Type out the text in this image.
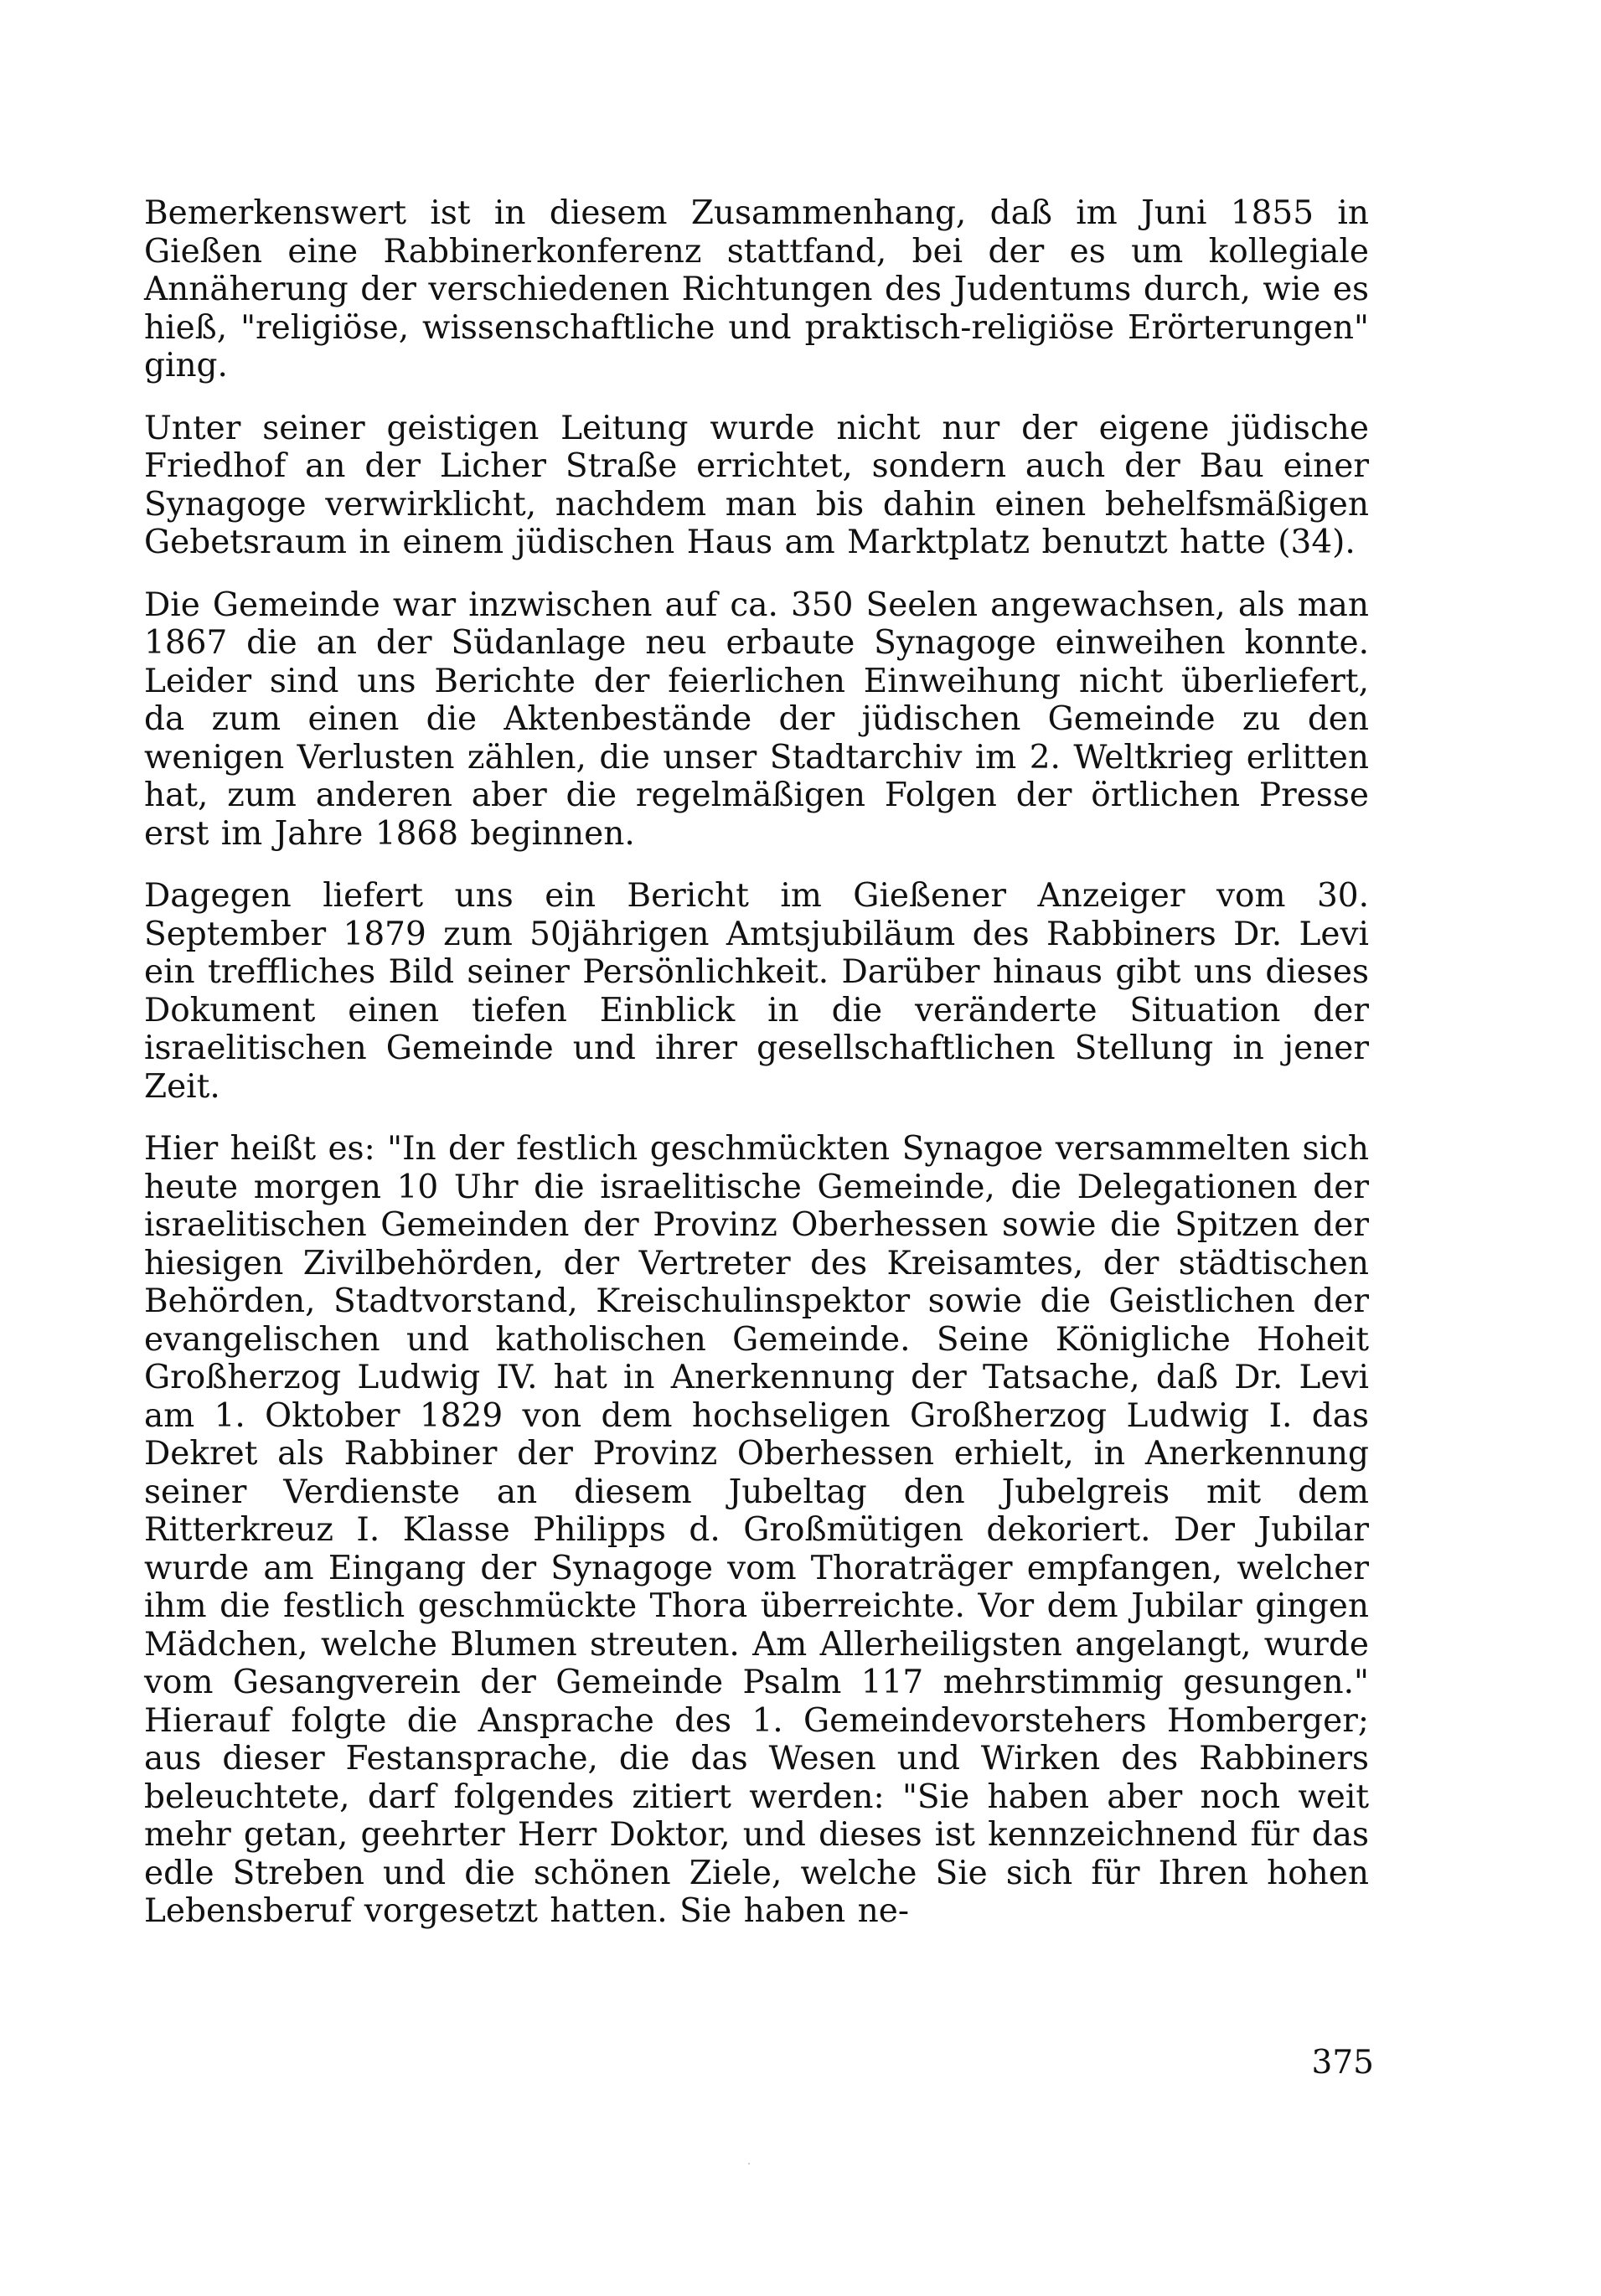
Bemerkenswert ist in diesem Zusammenhang, daß im Juni 1855 in Gießen eine Rabbinerkonferenz stattfand, bei der es um kollegiale Annäherung der verschiedenen Richtungen des Judentums durch, wie es hieß, "religiöse, wissenschaftliche und praktisch-religiöse Erörterungen" ging.

Unter seiner geistigen Leitung wurde nicht nur der eigene jüdische Friedhof an der Licher Straße errichtet, sondern auch der Bau einer Synagoge verwirklicht, nachdem man bis dahin einen behelfsmäßigen Gebetsraum in einem jüdischen Haus am Marktplatz benutzt hatte (34).

Die Gemeinde war inzwischen auf ca. 350 Seelen angewachsen, als man 1867 die an der Südanlage neu erbaute Synagoge einweihen konnte. Leider sind uns Berichte der feierlichen Einweihung nicht überliefert, da zum einen die Aktenbestände der jüdischen Gemeinde zu den wenigen Verlusten zählen, die unser Stadtarchiv im 2. Weltkrieg erlitten hat, zum anderen aber die regelmäßigen Folgen der örtlichen Presse erst im Jahre 1868 beginnen.

Dagegen liefert uns ein Bericht im Gießener Anzeiger vom 30. September 1879 zum 50jährigen Amtsjubiläum des Rabbiners Dr. Levi ein treffliches Bild seiner Persönlichkeit. Darüber hinaus gibt uns dieses Dokument einen tiefen Einblick in die veränderte Situation der israelitischen Gemeinde und ihrer gesellschaftlichen Stellung in jener Zeit.

Hier heißt es: "In der festlich geschmückten Synagoe versammelten sich heute morgen 10 Uhr die israelitische Gemeinde, die Delegationen der israelitischen Gemeinden der Provinz Oberhessen sowie die Spitzen der hiesigen Zivilbehörden, der Vertreter des Kreisamtes, der städtischen Behörden, Stadtvorstand, Kreischulinspektor sowie die Geistlichen der evangelischen und katholischen Gemeinde. Seine Königliche Hoheit Großherzog Ludwig IV. hat in Anerkennung der Tatsache, daß Dr. Levi am 1. Oktober 1829 von dem hochseligen Großherzog Ludwig I. das Dekret als Rabbiner der Provinz Oberhessen erhielt, in Anerkennung seiner Verdienste an diesem Jubeltag den Jubelgreis mit dem Ritterkreuz I. Klasse Philipps d. Großmütigen dekoriert. Der Jubilar wurde am Eingang der Synagoge vom Thoraträger empfangen, welcher ihm die festlich geschmückte Thora überreichte. Vor dem Jubilar gingen Mädchen, welche Blumen streuten. Am Allerheiligsten angelangt, wurde vom Gesangverein der Gemeinde Psalm 117 mehrstimmig gesungen." Hierauf folgte die Ansprache des 1. Gemeindevorstehers Homberger; aus dieser Festansprache, die das Wesen und Wirken des Rabbiners beleuchtete, darf folgendes zitiert werden: "Sie haben aber noch weit mehr getan, geehrter Herr Doktor, und dieses ist kennzeichnend für das edle Streben und die schönen Ziele, welche Sie sich für Ihren hohen Lebensberuf vorgesetzt hatten. Sie haben ne-

375
